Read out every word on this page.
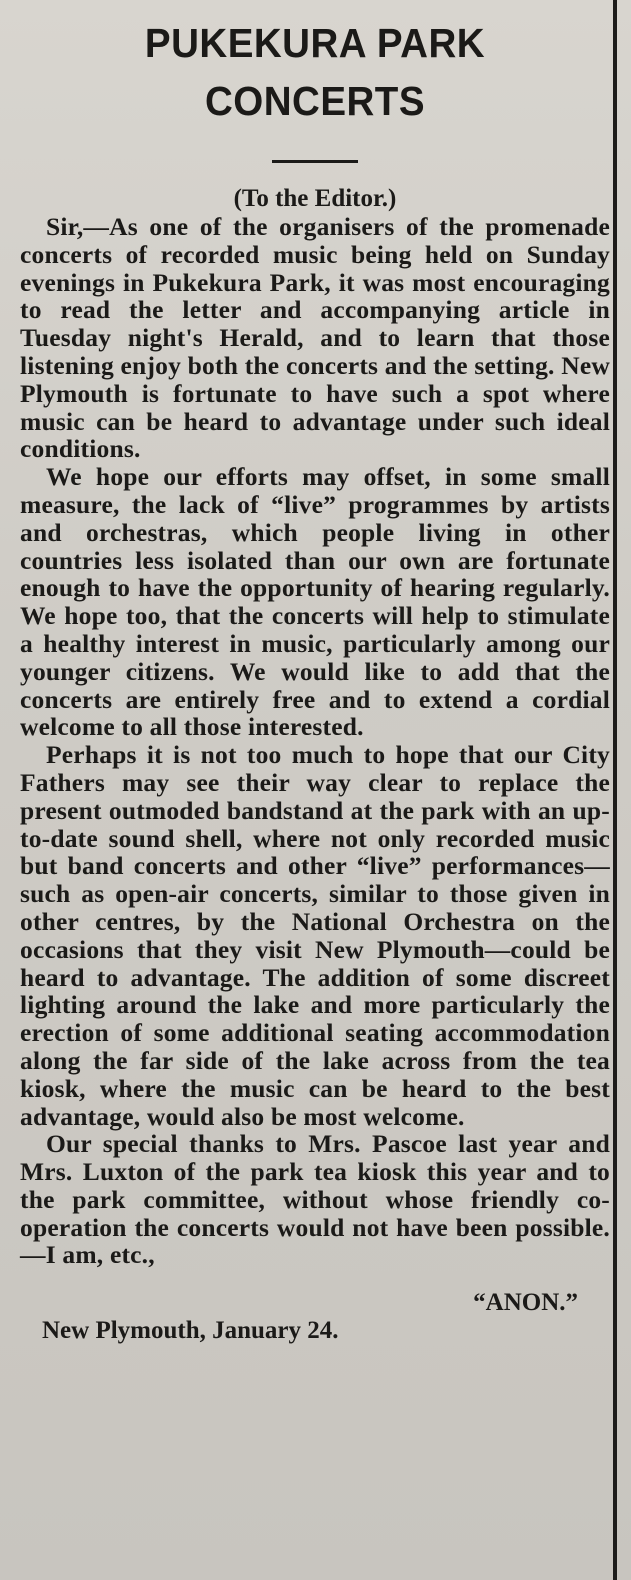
PUKEKURA PARK CONCERTS
(To the Editor.)

Sir,—As one of the organisers of the promenade concerts of recorded music being held on Sunday evenings in Pukekura Park, it was most encouraging to read the letter and accompanying article in Tuesday night's Herald, and to learn that those listening enjoy both the concerts and the setting. New Plymouth is fortunate to have such a spot where music can be heard to advantage under such ideal conditions.

We hope our efforts may offset, in some small measure, the lack of “live” programmes by artists and orchestras, which people living in other countries less isolated than our own are fortunate enough to have the opportunity of hearing regularly. We hope too, that the concerts will help to stimulate a healthy interest in music, particularly among our younger citizens. We would like to add that the concerts are entirely free and to extend a cordial welcome to all those interested.

Perhaps it is not too much to hope that our City Fathers may see their way clear to replace the present outmoded bandstand at the park with an up-to-date sound shell, where not only recorded music but band concerts and other “live” performances—such as open-air concerts, similar to those given in other centres, by the National Orchestra on the occasions that they visit New Plymouth—could be heard to advantage. The addition of some discreet lighting around the lake and more particularly the erection of some additional seating accommodation along the far side of the lake across from the tea kiosk, where the music can be heard to the best advantage, would also be most welcome.

Our special thanks to Mrs. Pascoe last year and Mrs. Luxton of the park tea kiosk this year and to the park committee, without whose friendly co-operation the concerts would not have been possible.—I am, etc.,

“ANON.”
New Plymouth, January 24.
